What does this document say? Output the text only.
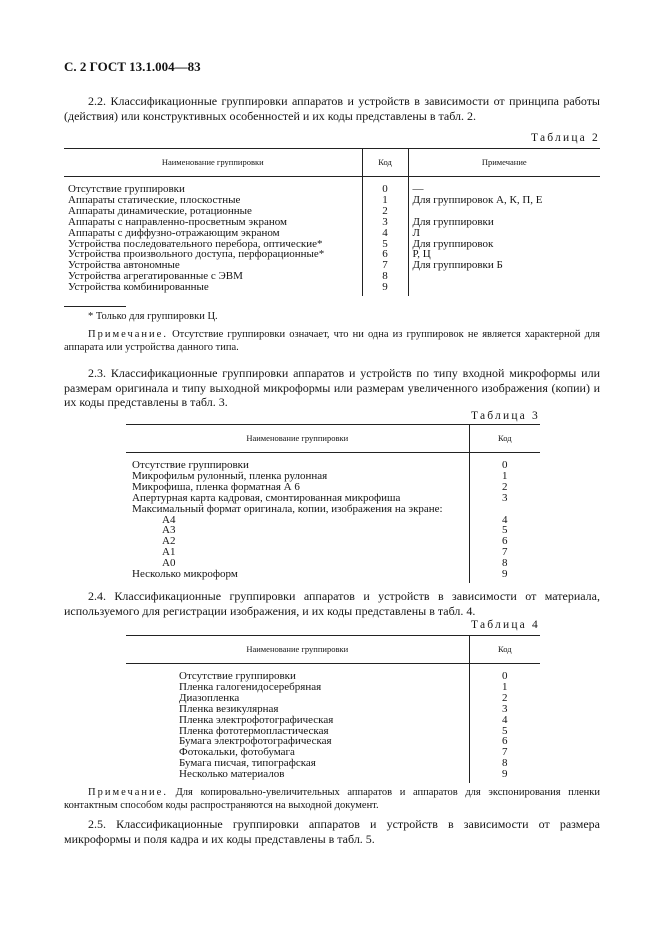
С. 2 ГОСТ 13.1.004—83

2.2. Классификационные группировки аппаратов и устройств в зависимости от принципа работы (действия) или конструктивных особенностей и их коды представлены в табл. 2.

Таблица 2
Наименование группировки	Код	Примечание

Отсутствие группировки	0	—
Аппараты статические, плоскостные	1	Для группировок А, К, П, Е
Аппараты динамические, ротационные	2	
Аппараты с направленно-просветным экраном	3	Для группировки
Аппараты с диффузно-отражающим экраном	4	Л
Устройства последовательного перебора, оптические*	5	Для группировок
Устройства произвольного доступа, перфорационные*	6	Р, Ц
Устройства автономные	7	Для группировки Б
Устройства агрегатированные с ЭВМ	8	
Устройства комбинированные	9	

* Только для группировки Ц.

Примечание. Отсутствие группировки означает, что ни одна из группировок не является характерной для аппарата или устройства данного типа.

2.3. Классификационные группировки аппаратов и устройств по типу входной микроформы или размерам оригинала и типу выходной микроформы или размерам увеличенного изображения (копии) и их коды представлены в табл. 3.

Таблица 3
Наименование группировки	Код

Отсутствие группировки	0
Микрофильм рулонный, пленка рулонная	1
Микрофиша, пленка форматная А 6	2
Апертурная карта кадровая, смонтированная микрофиша	3
Максимальный формат оригинала, копии, изображения на экране:	
А4	4
А3	5
А2	6
А1	7
А0	8
Несколько микроформ	9

2.4. Классификационные группировки аппаратов и устройств в зависимости от материала, используемого для регистрации изображения, и их коды представлены в табл. 4.

Таблица 4
Наименование группировки	Код

Отсутствие группировки	0
Пленка галогенидосеребряная	1
Диазопленка	2
Пленка везикулярная	3
Пленка электрофотографическая	4
Пленка фототермопластическая	5
Бумага электрофотографическая	6
Фотокальки, фотобумага	7
Бумага писчая, типографская	8
Несколько материалов	9

Примечание. Для копировально-увеличительных аппаратов и аппаратов для экспонирования пленки контактным способом коды распространяются на выходной документ.

2.5. Классификационные группировки аппаратов и устройств в зависимости от размера микроформы и поля кадра и их коды представлены в табл. 5.
